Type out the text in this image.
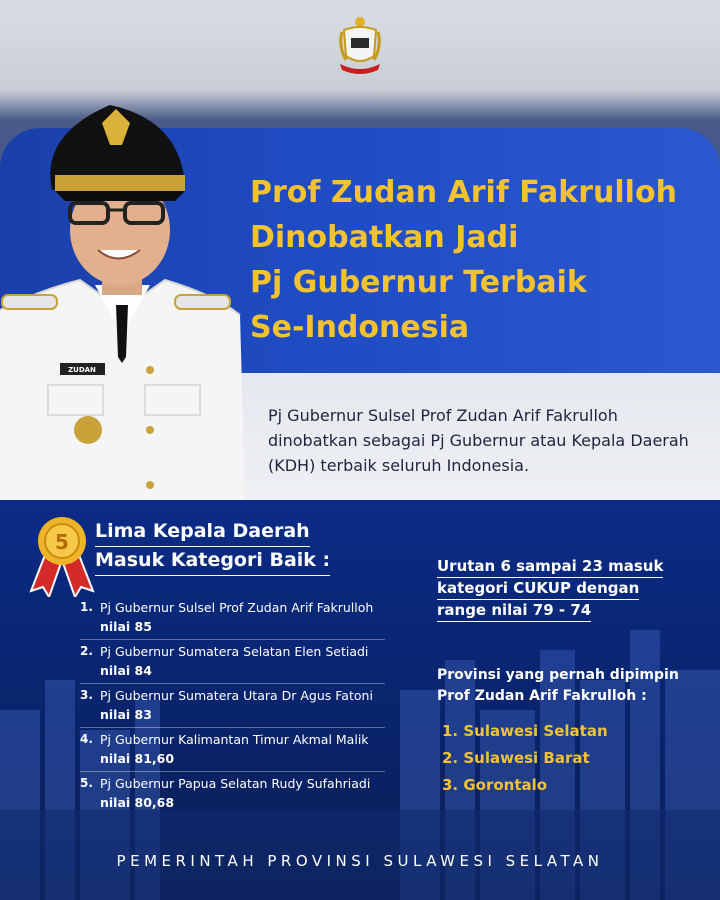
Prof Zudan Arif Fakrulloh
Dinobatkan Jadi
Pj Gubernur Terbaik
Se-Indonesia

Pj Gubernur Sulsel Prof Zudan Arif Fakrulloh dinobatkan sebagai Pj Gubernur atau Kepala Daerah (KDH) terbaik seluruh Indonesia.

ZUDAN
5 Lima Kepala Daerah
Masuk Kategori Baik :
1. Pj Gubernur Sulsel Prof Zudan Arif Fakrulloh
nilai 85
2. Pj Gubernur Sumatera Selatan Elen Setiadi
nilai 84
3. Pj Gubernur Sumatera Utara Dr Agus Fatoni
nilai 83
4. Pj Gubernur Kalimantan Timur Akmal Malik
nilai 81,60
5. Pj Gubernur Papua Selatan Rudy Sufahriadi
nilai 80,68
Urutan 6 sampai 23 masuk
kategori CUKUP dengan
range nilai 79 - 74

Provinsi yang pernah dipimpin
Prof Zudan Arif Fakrulloh :

1. Sulawesi Selatan
2. Sulawesi Barat
3. Gorontalo

PEMERINTAH PROVINSI SULAWESI SELATAN
